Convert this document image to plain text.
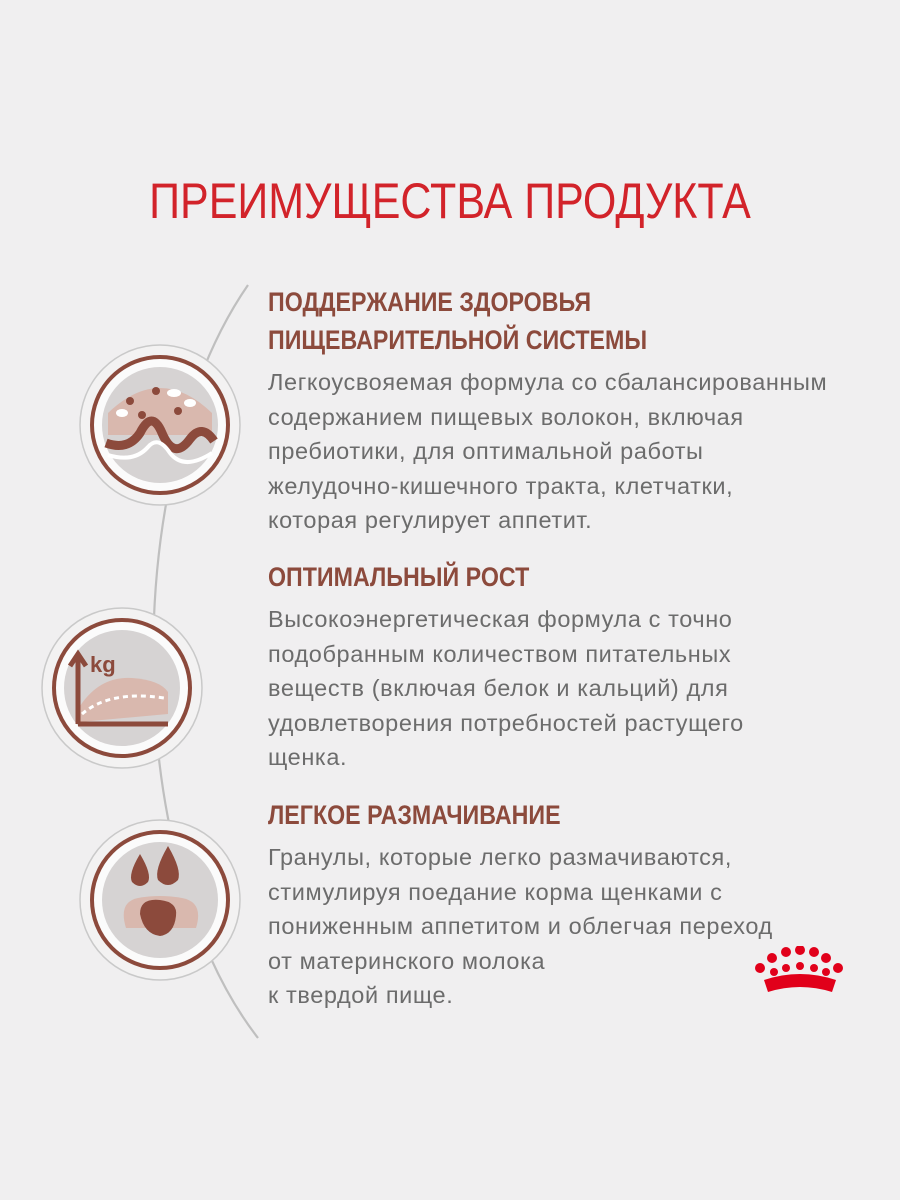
ПРЕИМУЩЕСТВА ПРОДУКТА
kg
ПОДДЕРЖАНИЕ ЗДОРОВЬЯ
ПИЩЕВАРИТЕЛЬНОЙ СИСТЕМЫ

Легкоусвояемая формула со сбалансированным
содержанием пищевых волокон, включая
пребиотики, для оптимальной работы
желудочно-кишечного тракта, клетчатки,
которая регулирует аппетит.

ОПТИМАЛЬНЫЙ РОСТ

Высокоэнергетическая формула с точно
подобранным количеством питательных
веществ (включая белок и кальций) для
удовлетворения потребностей растущего
щенка.

ЛЕГКОЕ РАЗМАЧИВАНИЕ

Гранулы, которые легко размачиваются,
стимулируя поедание корма щенками с
пониженным аппетитом и облегчая переход
от материнского молока
к твердой пище.
